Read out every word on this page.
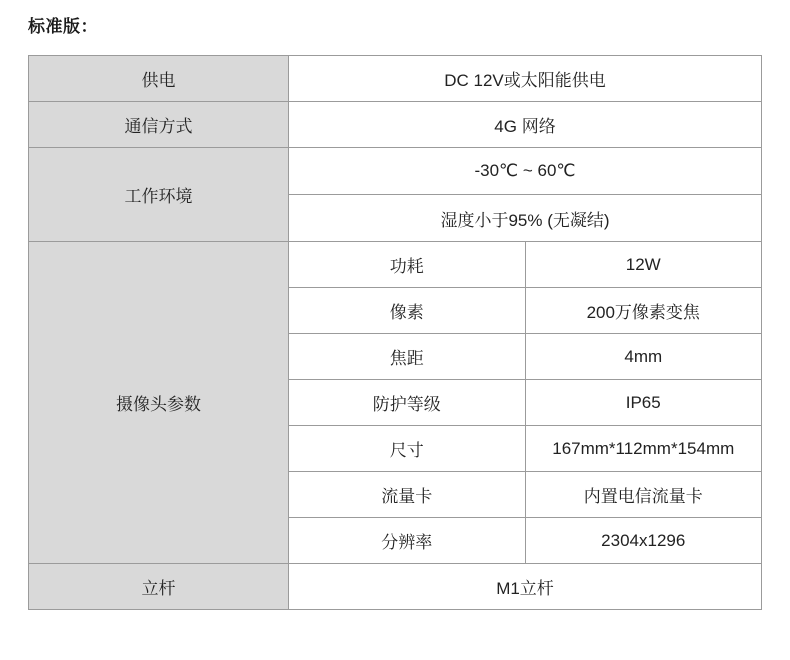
标准版：
供电	DC 12V或太阳能供电	
通信方式	4G 网络	
工作环境	-30℃ ~ 60℃	
	湿度小于95% (无凝结)	
摄像头参数	功耗	12W
	像素	200万像素变焦
	焦距	4mm
	防护等级	IP65
	尺寸	167mm*112mm*154mm
	流量卡	内置电信流量卡
	分辨率	2304x1296
立杆	M1立杆	
